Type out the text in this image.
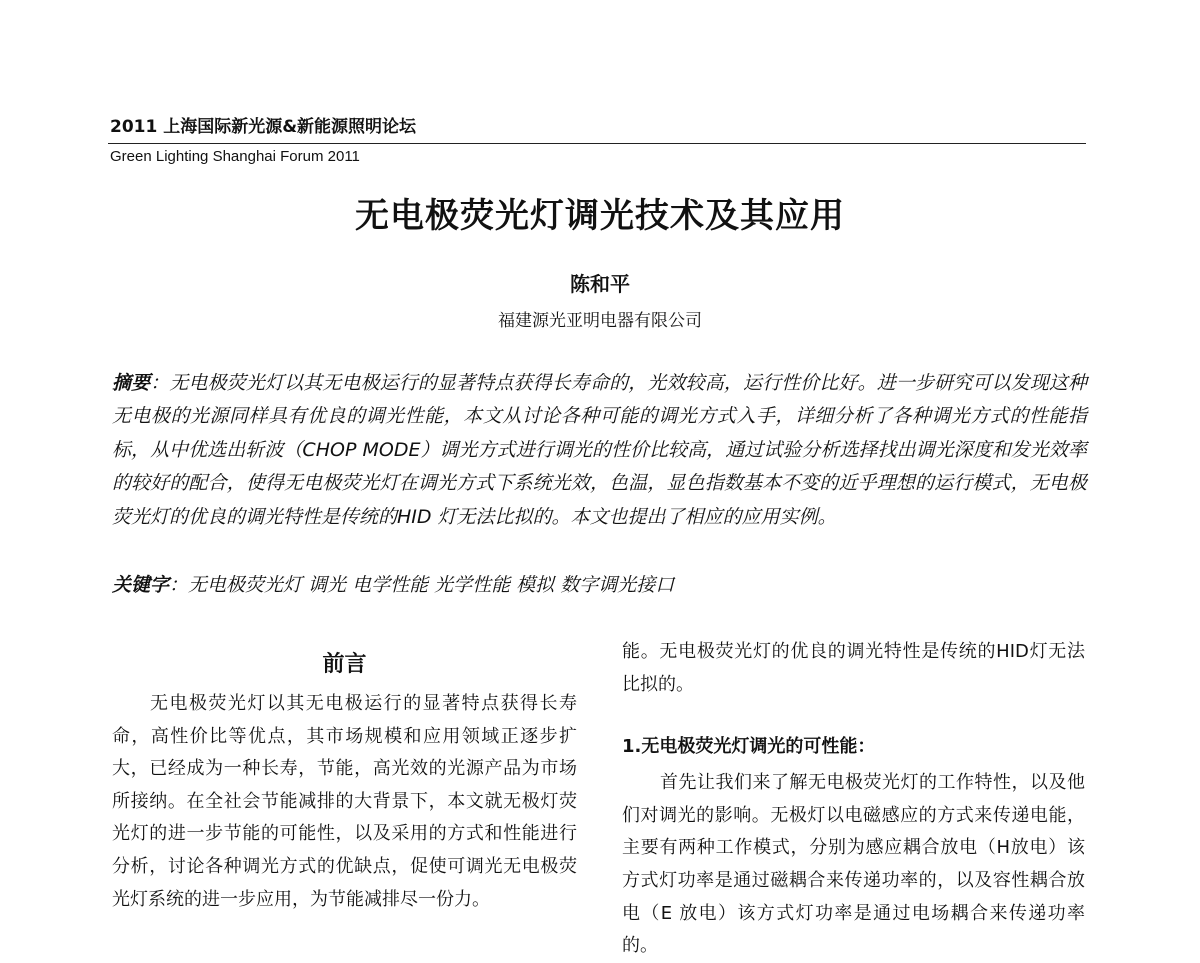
2011 上海国际新光源&新能源照明论坛
Green Lighting Shanghai Forum 2011
无电极荧光灯调光技术及其应用
陈和平
福建源光亚明电器有限公司
摘要：无电极荧光灯以其无电极运行的显著特点获得长寿命的，光效较高，运行性价比好。进一步研究可以发现这种无电极的光源同样具有优良的调光性能，本文从讨论各种可能的调光方式入手，详细分析了各种调光方式的性能指标，从中优选出斩波（CHOP MODE）调光方式进行调光的性价比较高，通过试验分析选择找出调光深度和发光效率的较好的配合，使得无电极荧光灯在调光方式下系统光效，色温，显色指数基本不变的近乎理想的运行模式，无电极荧光灯的优良的调光特性是传统的HID 灯无法比拟的。本文也提出了相应的应用实例。
关键字：无电极荧光灯 调光 电学性能 光学性能 模拟 数字调光接口
前言

无电极荧光灯以其无电极运行的显著特点获得长寿命，高性价比等优点，其市场规模和应用领域正逐步扩大，已经成为一种长寿，节能，高光效的光源产品为市场所接纳。在全社会节能减排的大背景下，本文就无极灯荧光灯的进一步节能的可能性，以及采用的方式和性能进行分析，讨论各种调光方式的优缺点，促使可调光无电极荧光灯系统的进一步应用，为节能减排尽一份力。

能。无电极荧光灯的优良的调光特性是传统的HID灯无法比拟的。

1.无电极荧光灯调光的可性能：

首先让我们来了解无电极荧光灯的工作特性，以及他们对调光的影响。无极灯以电磁感应的方式来传递电能，主要有两种工作模式，分别为感应耦合放电（H放电）该方式灯功率是通过磁耦合来传递功率的，以及容性耦合放电（E 放电）该方式灯功率是通过电场耦合来传递功率的。
